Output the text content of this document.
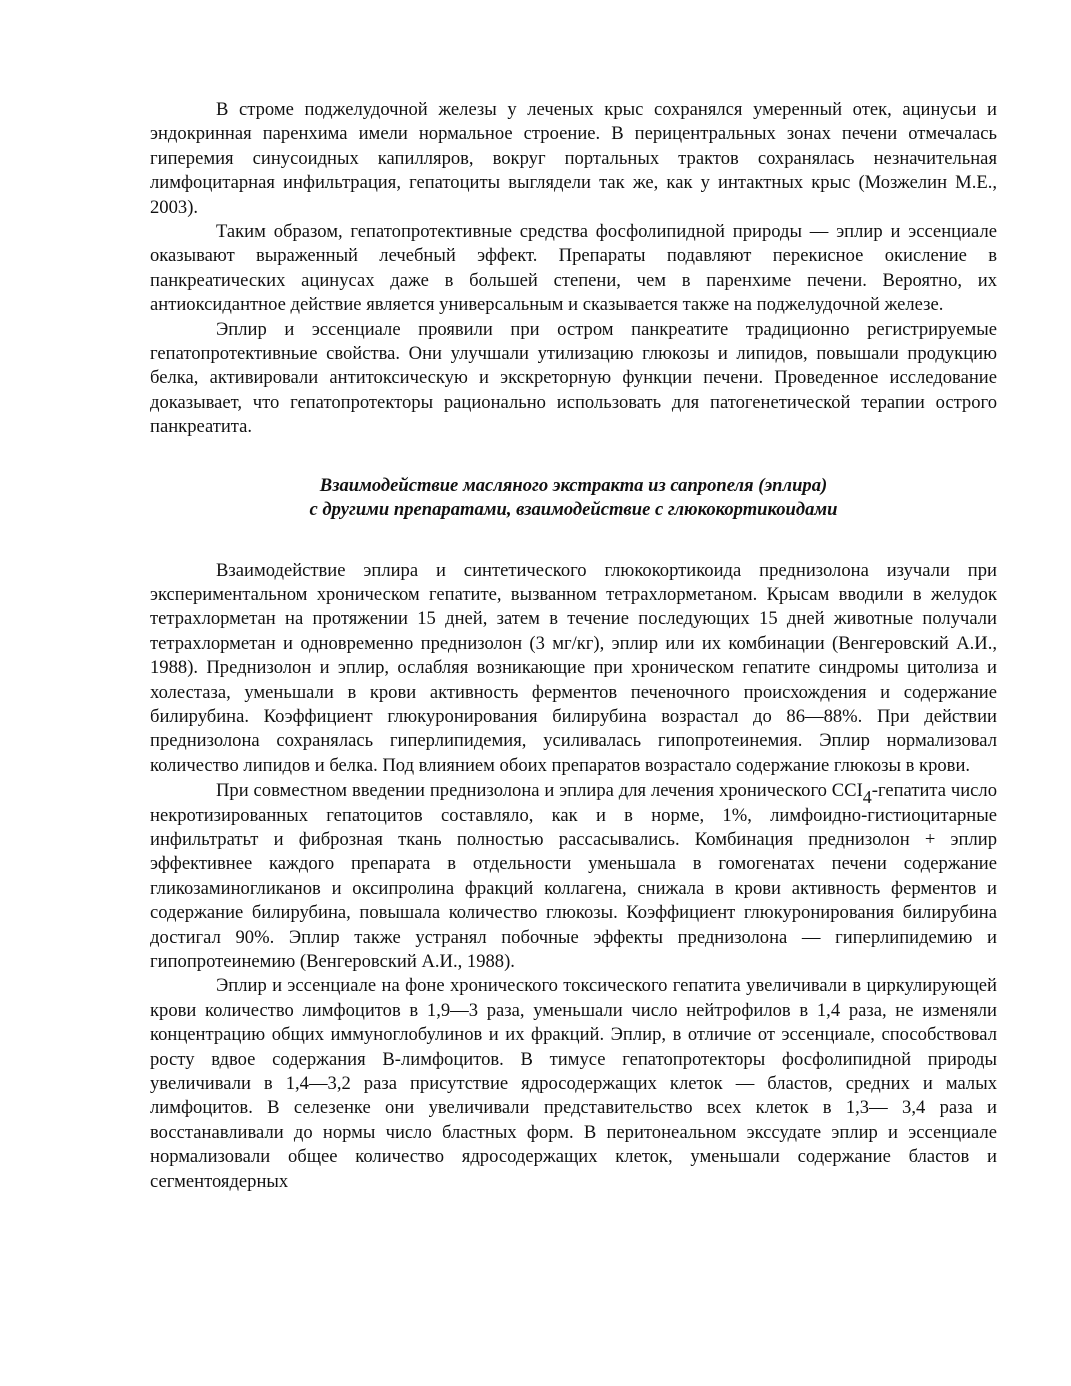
В строме поджелудочной железы у леченых крыс сохранялся умеренный отек, ацинусьи и эндокринная паренхима имели нормальное строение. В перицентральных зонах печени отмечалась гиперемия синусоидных капилляров, вокруг портальных трактов сохранялась незначительная лимфоцитарная инфильтрация, гепатоциты выглядели так же, как у интактных крыс (Мозжелин М.Е., 2003).

Таким образом, гепатопротективные средства фосфолипидной природы — эплир и эссенциале оказывают выраженный лечебный эффект. Препараты подавляют перекисное окисление в панкреатических ацинусах даже в большей степени, чем в паренхиме печени. Вероятно, их антиоксидантное действие является универсальным и сказывается также на поджелудочной железе.

Эплир и эссенциале проявили при остром панкреатите традиционно регистрируемые гепатопротективньие свойства. Они улучшали утилизацию глюкозы и липидов, повышали продукцию белка, активировали антитоксическую и экскреторную функции печени. Проведенное исследование доказывает, что гепатопротекторы рационально использовать для патогенетической терапии острого панкреатита.

Взаимодействие масляного экстракта из сапропеля (эплира)
с другими препаратами, взаимодействие с глюкокортикоидами

Взаимодействие эплира и синтетического глюкокортикоида преднизолона изучали при экспериментальном хроническом гепатите, вызванном тетрахлорметаном. Крысам вводили в желудок тетрахлорметан на протяжении 15 дней, затем в течение последующих 15 дней животные получали тетрахлорметан и одновременно преднизолон (3 мг/кг), эплир или их комбинации (Венгеровский А.И., 1988). Преднизолон и эплир, ослабляя возникающие при хроническом гепатите синдромы цитолиза и холестаза, уменьшали в крови активность ферментов печеночного происхождения и содержание билирубина. Коэффициент глюкуронирования билирубина возрастал до 86—88%. При действии преднизолона сохранялась гиперлипидемия, усиливалась гипопротеинемия. Эплир нормализовал количество липидов и белка. Под влиянием обоих препаратов возрастало содержание глюкозы в крови.

При совместном введении преднизолона и эплира для лечения хронического CCI4-гепатита число некротизированных гепатоцитов составляло, как и в норме, 1%, лимфоидно-гистиоцитарные инфильтратьт и фиброзная ткань полностью рассасывались. Комбинация преднизолон + эплир эффективнее каждого препарата в отдельности уменьшала в гомогенатах печени содержание гликозаминогликанов и оксипролина фракций коллагена, снижала в крови активность ферментов и содержание билирубина, повышала количество глюкозы. Коэффициент глюкуронирования билирубина достигал 90%. Эплир также устранял побочные эффекты преднизолона — гиперлипидемию и гипопротеинемию (Венгеровский А.И., 1988).

Эплир и эссенциале на фоне хронического токсического гепатита увеличивали в циркулирующей крови количество лимфоцитов в 1,9—3 раза, уменьшали число нейтрофилов в 1,4 раза, не изменяли концентрацию общих иммуноглобулинов и их фракций. Эплир, в отличие от эссенциале, способствовал росту вдвое содержания В-лимфоцитов. В тимусе гепатопротекторы фосфолипидной природы увеличивали в 1,4—3,2 раза присутствие ядросодержащих клеток — бластов, средних и малых лимфоцитов. В селезенке они увеличивали представительство всех клеток в 1,3— 3,4 раза и восстанавливали до нормы число бластных форм. В перитонеальном экссудате эплир и эссенциале нормализовали общее количество ядросодержащих клеток, уменьшали содержание бластов и сегментоядерных
